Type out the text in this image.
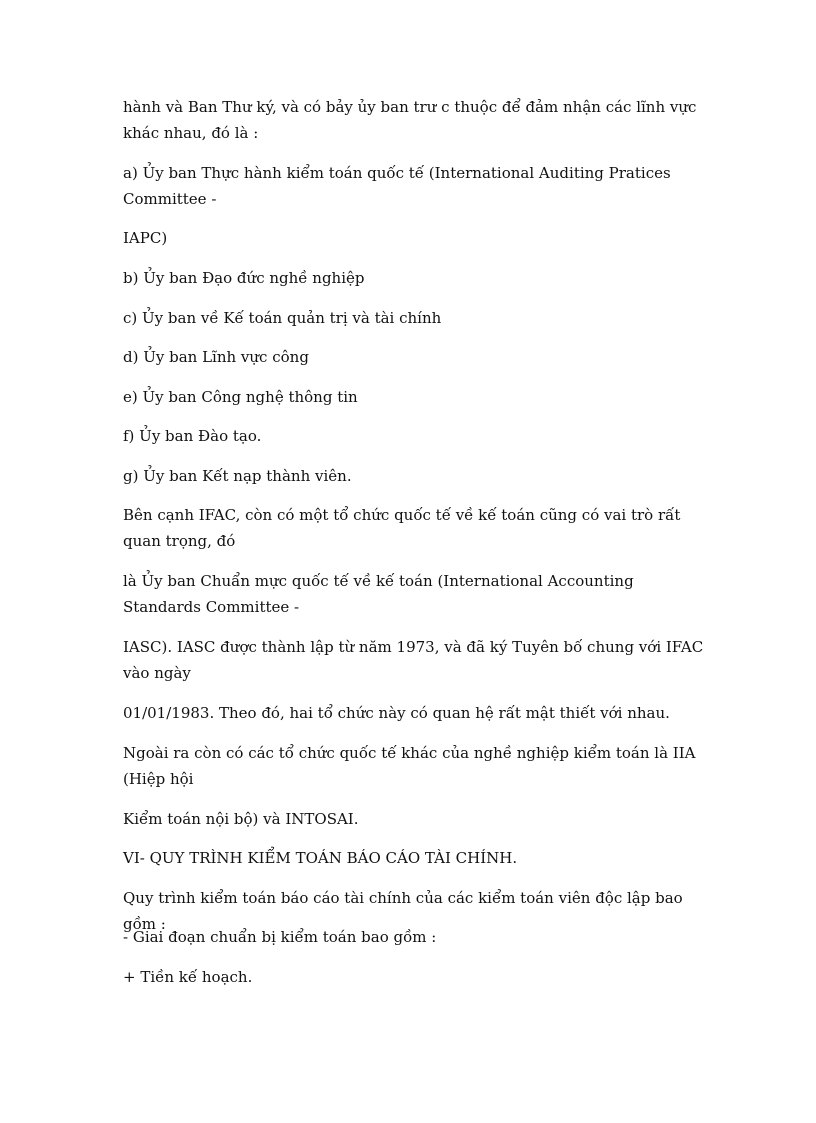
hành và Ban Thư ký, và có bảy ủy ban trư c thuộc để đảm nhận các lĩnh vực khác nhau, đó là :

a) Ủy ban Thực hành kiểm toán quốc tế (International Auditing Pratices Committee -

IAPC)

b) Ủy ban Đạo đức nghề nghiệp

c) Ủy ban về Kế toán quản trị và tài chính

d) Ủy ban Lĩnh vực công

e) Ủy ban Công nghệ thông tin

f) Ủy ban Đào tạo.

g) Ủy ban Kết nạp thành viên.

Bên cạnh IFAC, còn có một tổ chức quốc tế về kế toán cũng có vai trò rất quan trọng, đó

là Ủy ban Chuẩn mực quốc tế về kế toán (International Accounting Standards Committee -

IASC). IASC được thành lập từ năm 1973, và đã ký Tuyên bố chung với IFAC vào ngày

01/01/1983. Theo đó, hai tổ chức này có quan hệ rất mật thiết với nhau.

Ngoài ra còn có các tổ chức quốc tế khác của nghề nghiệp kiểm toán là IIA (Hiệp hội

Kiểm toán nội bộ) và INTOSAI.

VI- QUY TRÌNH KIỂM TOÁN BÁO CÁO TÀI CHÍNH.

Quy trình kiểm toán báo cáo tài chính của các kiểm toán viên độc lập bao gồm :

- Giai đoạn chuẩn bị kiểm toán bao gồm :

+ Tiền kế hoạch.
